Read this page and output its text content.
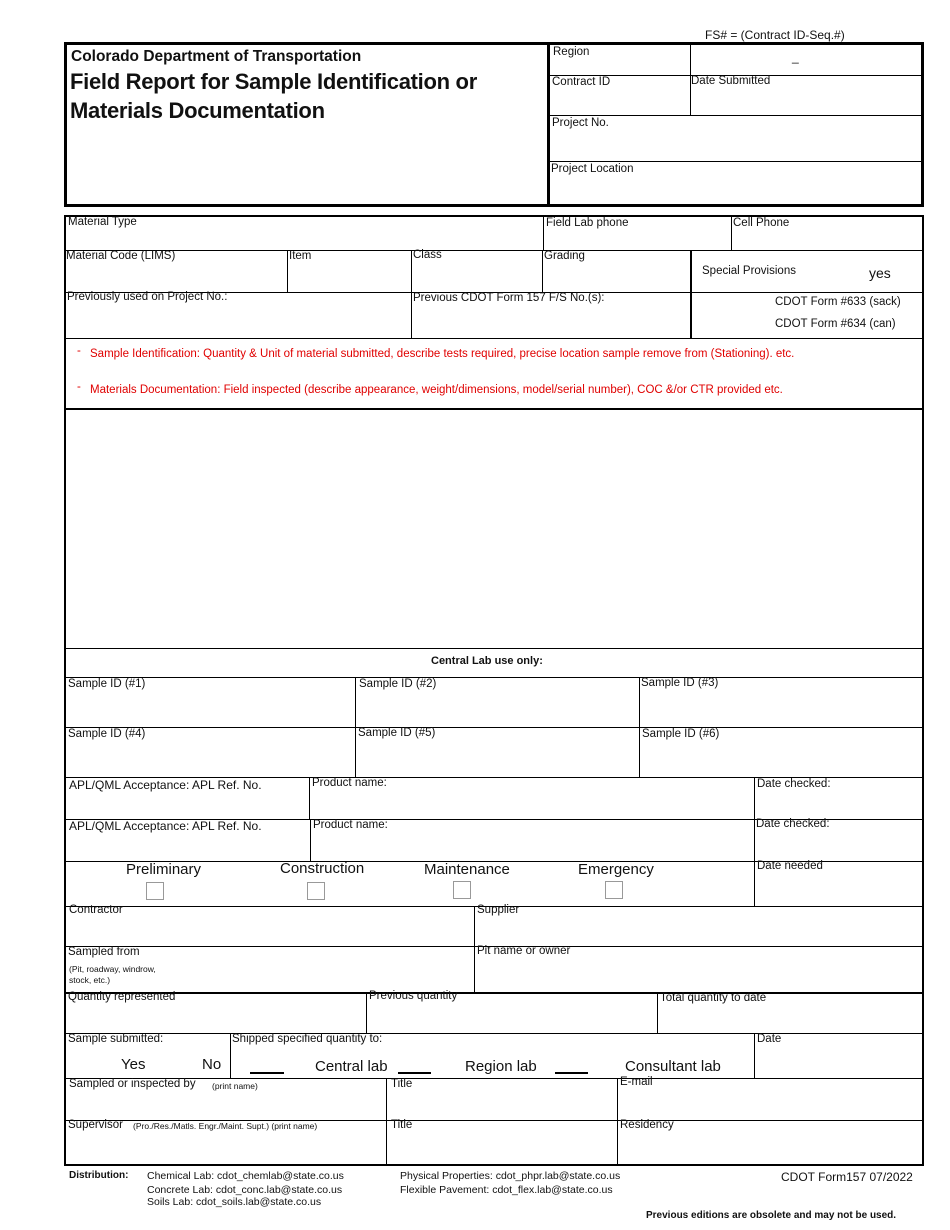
FS# = (Contract ID-Seq.#)
Colorado Department of Transportation
Field Report for Sample Identification or
Materials Documentation
Region	_
Contract ID	Date Submitted
Project No.
Project Location
Material Type	Field Lab phone	Cell Phone
Material Code (LIMS)	Item	Class	Grading
Special Provisions	yes
Previously used on Project No.:	Previous CDOT Form 157 F/S No.(s):	CDOT Form #633 (sack)
CDOT Form #634 (can)
- Sample Identification: Quantity & Unit of material submitted, describe tests required, precise location sample remove from (Stationing). etc.
- Materials Documentation: Field inspected (describe appearance, weight/dimensions, model/serial number), COC &/or CTR provided etc.
Central Lab use only:
Sample ID (#1)	Sample ID (#2)	Sample ID (#3)
Sample ID (#4)	Sample ID (#5)	Sample ID (#6)
APL/QML Acceptance: APL Ref. No.	Product name:	Date checked:
APL/QML Acceptance: APL Ref. No.	Product name:	Date checked:
Preliminary	Construction	Maintenance	Emergency	Date needed
Contractor	Supplier
Sampled from
(Pit, roadway, windrow,
stock, etc.)
Pit name or owner
Quantity represented	Previous quantity	Total quantity to date
Sample submitted:
Yes	No
Shipped specified quantity to:
Central lab	Region lab	Consultant lab
Date
Sampled or inspected by (print name)	Title	E-mail
Supervisor (Pro./Res./Matls. Engr./Maint. Supt.) (print name)	Title	Residency
Distribution: Chemical Lab: cdot_chemlab@state.co.us
Concrete Lab: cdot_conc.lab@state.co.us
Soils Lab: cdot_soils.lab@state.co.us
Physical Properties: cdot_phpr.lab@state.co.us
Flexible Pavement: cdot_flex.lab@state.co.us
CDOT Form157 07/2022
Previous editions are obsolete and may not be used.
